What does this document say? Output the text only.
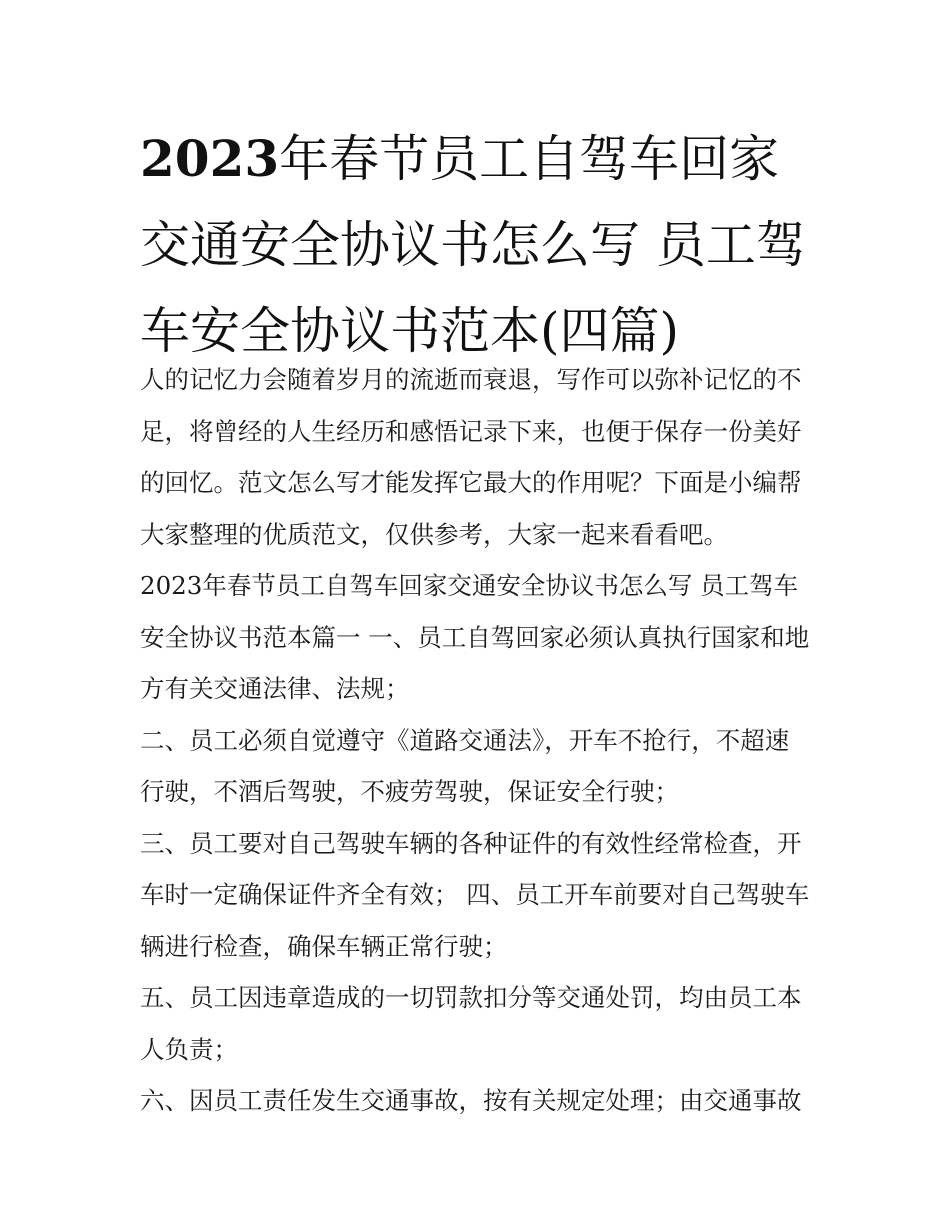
2023年春节员工自驾车回家交通安全协议书怎么写 员工驾车安全协议书范本(四篇)

人的记忆力会随着岁月的流逝而衰退，写作可以弥补记忆的不足，将曾经的人生经历和感悟记录下来，也便于保存一份美好的回忆。范文怎么写才能发挥它最大的作用呢？下面是小编帮大家整理的优质范文，仅供参考，大家一起来看看吧。

2023年春节员工自驾车回家交通安全协议书怎么写 员工驾车安全协议书范本篇一 一、员工自驾回家必须认真执行国家和地方有关交通法律、法规；

二、员工必须自觉遵守《道路交通法》，开车不抢行，不超速行驶，不酒后驾驶，不疲劳驾驶，保证安全行驶；

三、员工要对自己驾驶车辆的各种证件的有效性经常检查，开车时一定确保证件齐全有效； 四、员工开车前要对自己驾驶车辆进行检查，确保车辆正常行驶；

五、员工因违章造成的一切罚款扣分等交通处罚，均由员工本人负责；

六、因员工责任发生交通事故，按有关规定处理；由交通事故
